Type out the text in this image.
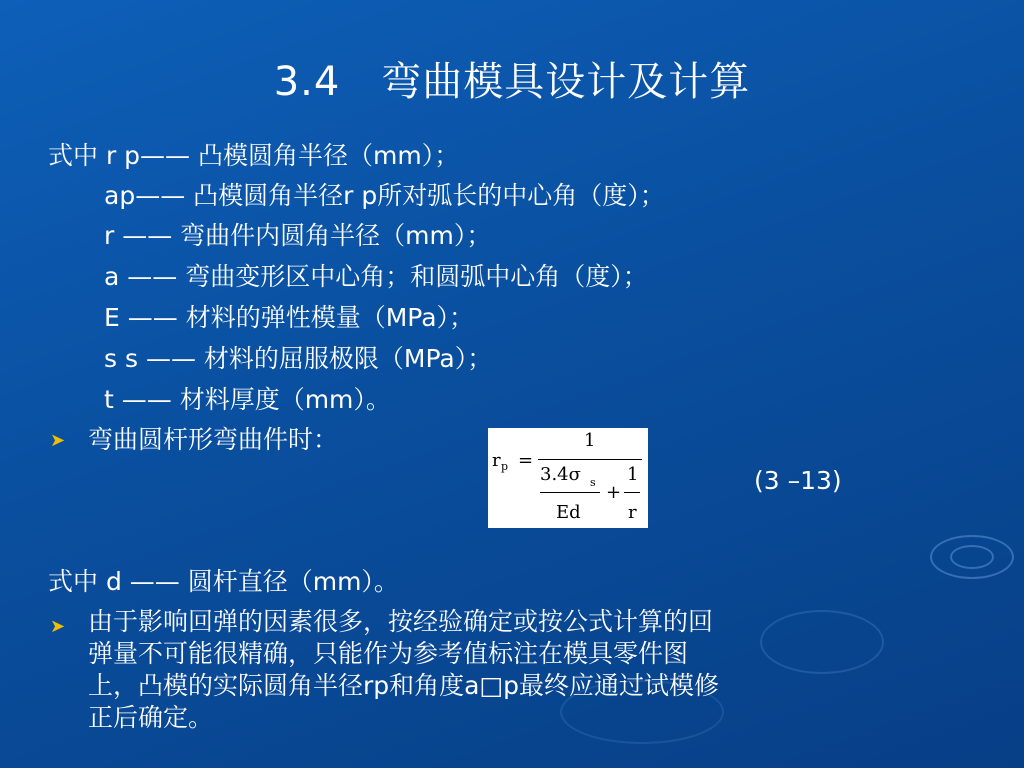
3.4　弯曲模具设计及计算
式中 r p—— 凸模圆角半径（mm）；
ap—— 凸模圆角半径r p所对弧长的中心角（度）；
r —— 弯曲件内圆角半径（mm）；
a —— 弯曲变形区中心角；和圆弧中心角（度）；
E —— 材料的弹性模量（MPa）；
s s —— 材料的屈服极限（MPa）；
t —— 材料厚度（mm）。
➤ 弯曲圆杆形弯曲件时：
r p =
1
3.4σ s
Ed
+
1
r
(3 –13)
式中 d —— 圆杆直径（mm）。
➤ 由于影响回弹的因素很多，按经验确定或按公式计算的回
弹量不可能很精确，只能作为参考值标注在模具零件图
上，凸模的实际圆角半径rp和角度a□p最终应通过试模修
正后确定。
